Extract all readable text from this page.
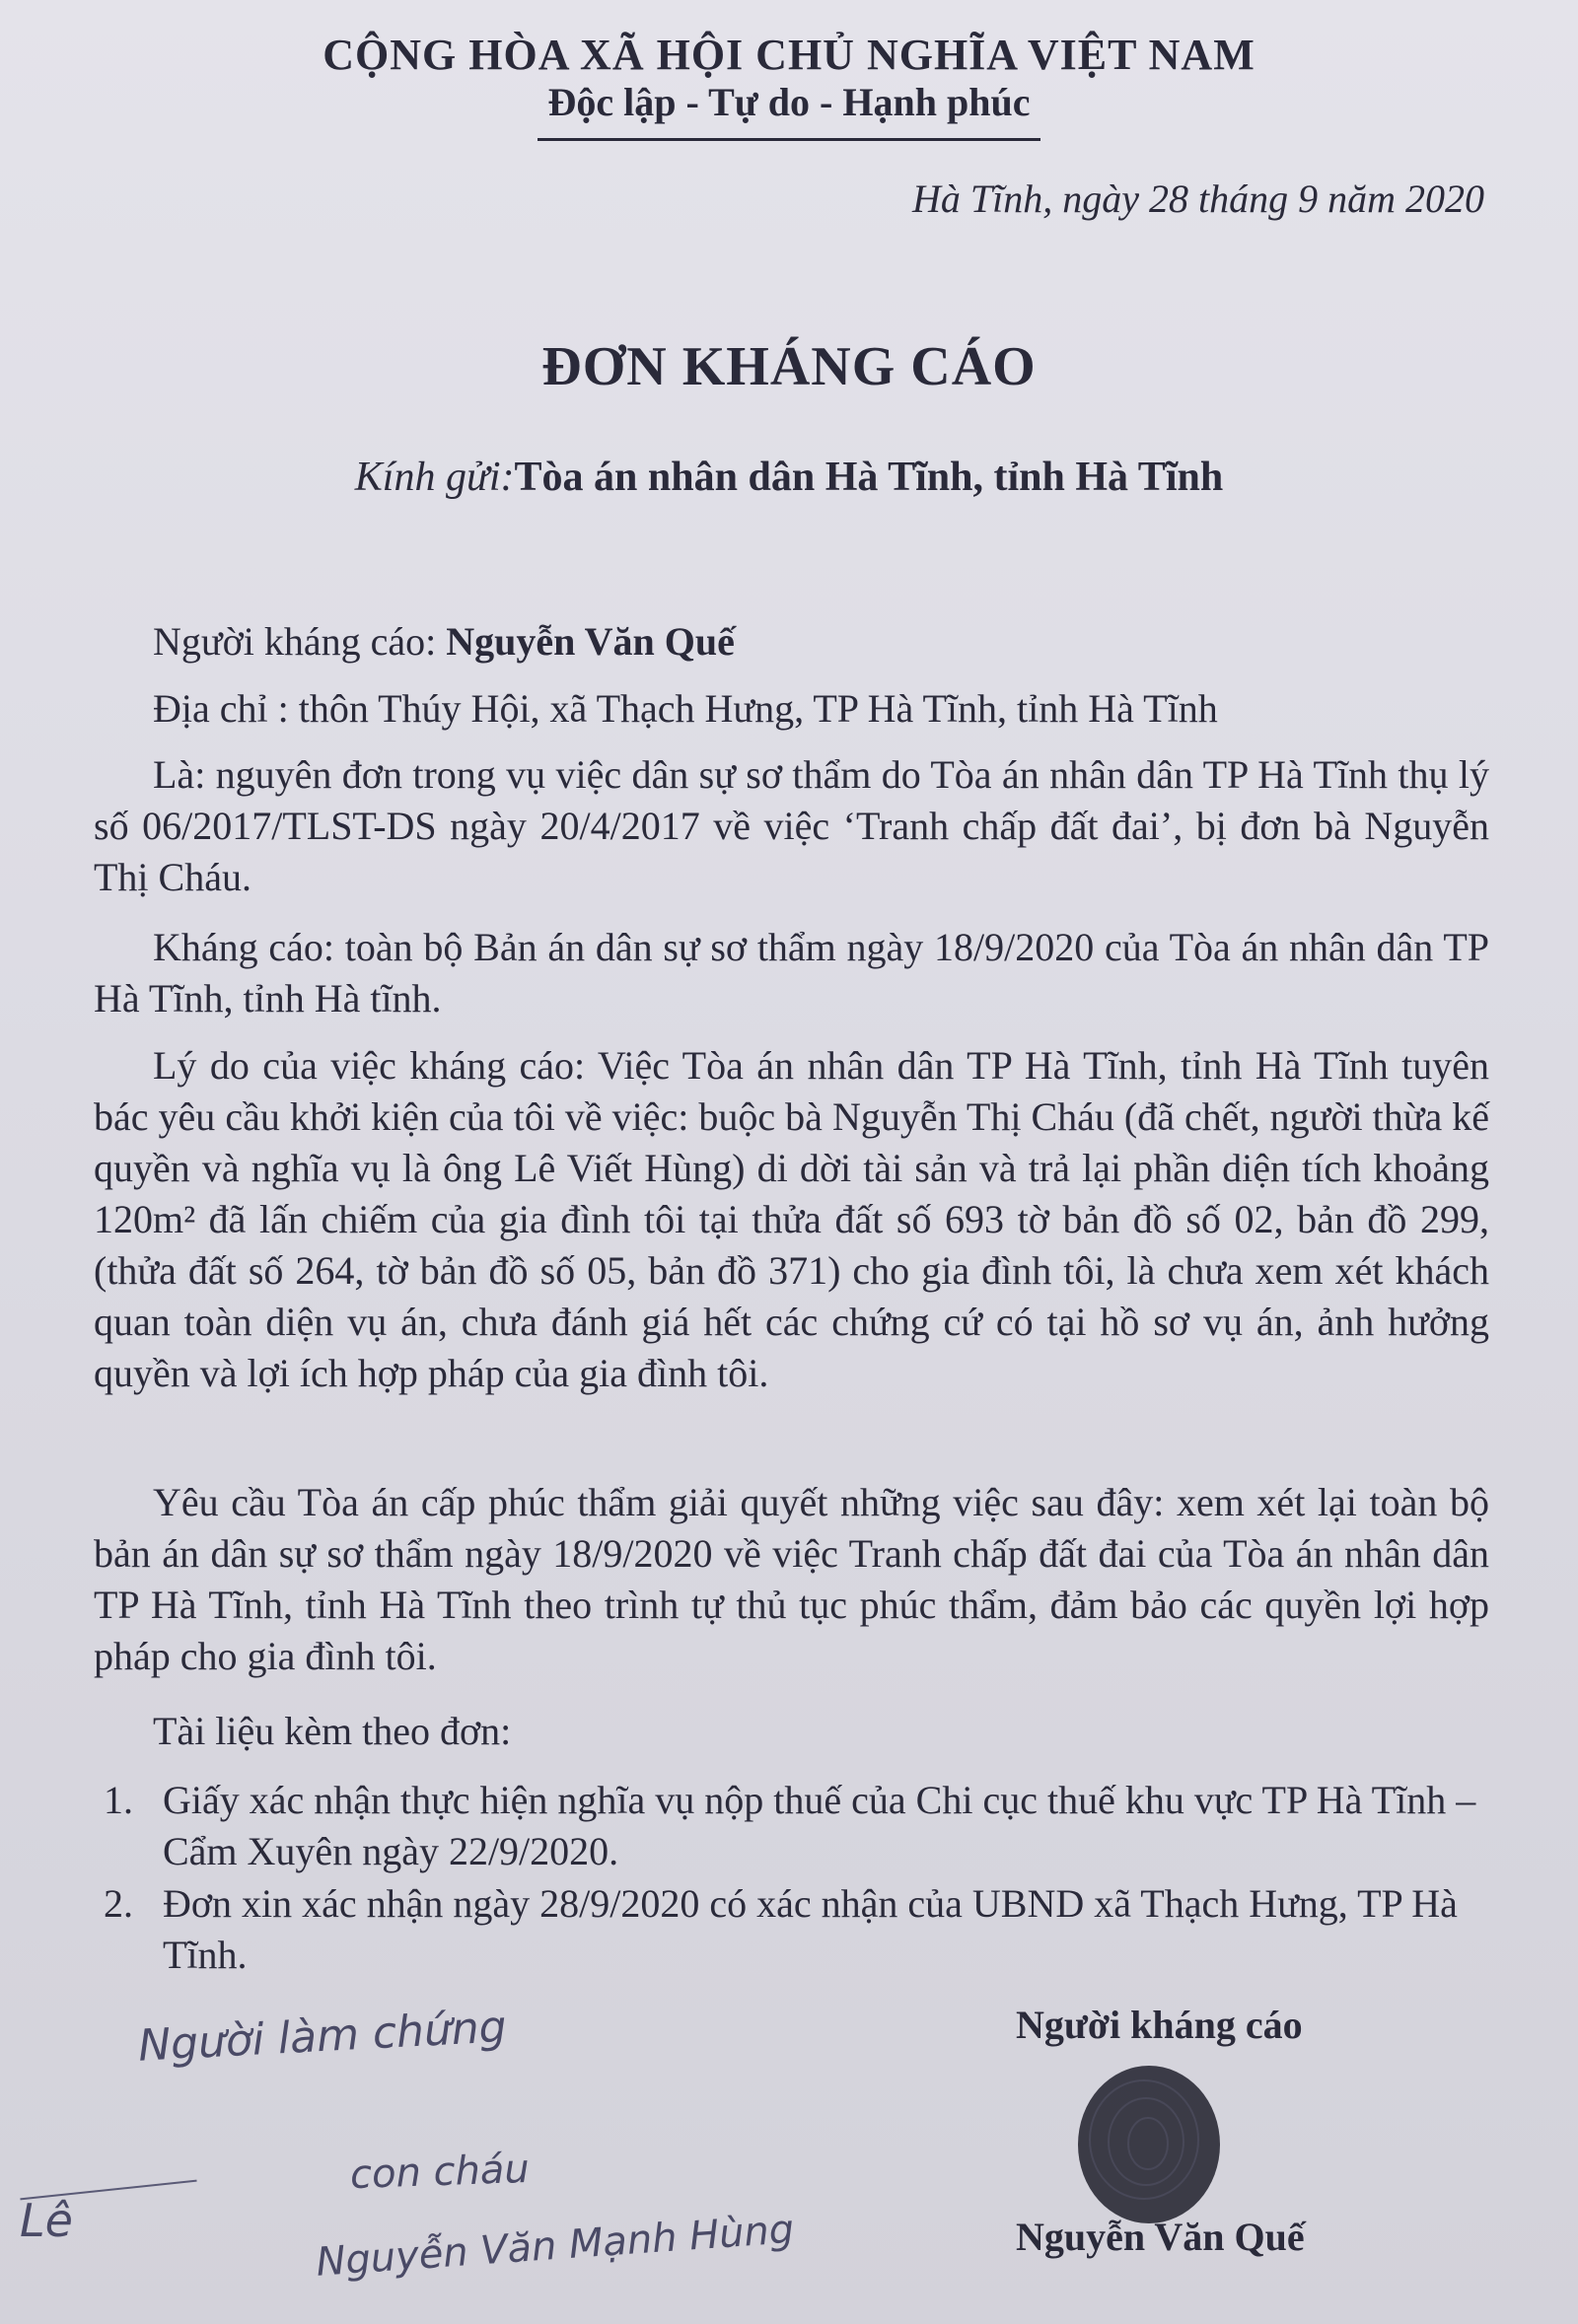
CỘNG HÒA XÃ HỘI CHỦ NGHĨA VIỆT NAM
Độc lập - Tự do - Hạnh phúc
Hà Tĩnh, ngày 28 tháng 9 năm 2020
ĐƠN KHÁNG CÁO
Kính gửi:Tòa án nhân dân Hà Tĩnh, tỉnh Hà Tĩnh
Người kháng cáo: Nguyễn Văn Quế
Địa chỉ : thôn Thúy Hội, xã Thạch Hưng, TP Hà Tĩnh, tỉnh Hà Tĩnh
Là: nguyên đơn trong vụ việc dân sự sơ thẩm do Tòa án nhân dân TP Hà Tĩnh thụ lý số 06/2017/TLST-DS ngày 20/4/2017 về việc ‘Tranh chấp đất đai’, bị đơn bà Nguyễn Thị Cháu.
Kháng cáo: toàn bộ Bản án dân sự sơ thẩm ngày 18/9/2020 của Tòa án nhân dân TP Hà Tĩnh, tỉnh Hà tĩnh.
Lý do của việc kháng cáo: Việc Tòa án nhân dân TP Hà Tĩnh, tỉnh Hà Tĩnh tuyên bác yêu cầu khởi kiện của tôi về việc: buộc bà Nguyễn Thị Cháu (đã chết, người thừa kế quyền và nghĩa vụ là ông Lê Viết Hùng) di dời tài sản và trả lại phần diện tích khoảng 120m² đã lấn chiếm của gia đình tôi tại thửa đất số 693 tờ bản đồ số 02, bản đồ 299, (thửa đất số 264, tờ bản đồ số 05, bản đồ 371) cho gia đình tôi, là chưa xem xét khách quan toàn diện vụ án, chưa đánh giá hết các chứng cứ có tại hồ sơ vụ án, ảnh hưởng quyền và lợi ích hợp pháp của gia đình tôi.
Yêu cầu Tòa án cấp phúc thẩm giải quyết những việc sau đây: xem xét lại toàn bộ bản án dân sự sơ thẩm ngày 18/9/2020 về việc Tranh chấp đất đai của Tòa án nhân dân TP Hà Tĩnh, tỉnh Hà Tĩnh theo trình tự thủ tục phúc thẩm, đảm bảo các quyền lợi hợp pháp cho gia đình tôi.
Tài liệu kèm theo đơn:
1. Giấy xác nhận thực hiện nghĩa vụ nộp thuế của Chi cục thuế khu vực TP Hà Tĩnh – Cẩm Xuyên ngày 22/9/2020.
2. Đơn xin xác nhận ngày 28/9/2020 có xác nhận của UBND xã Thạch Hưng, TP Hà Tĩnh.
Người kháng cáo
Nguyễn Văn Quế
Người làm chứng
con cháu
Nguyễn Văn Mạnh Hùng
Lê
